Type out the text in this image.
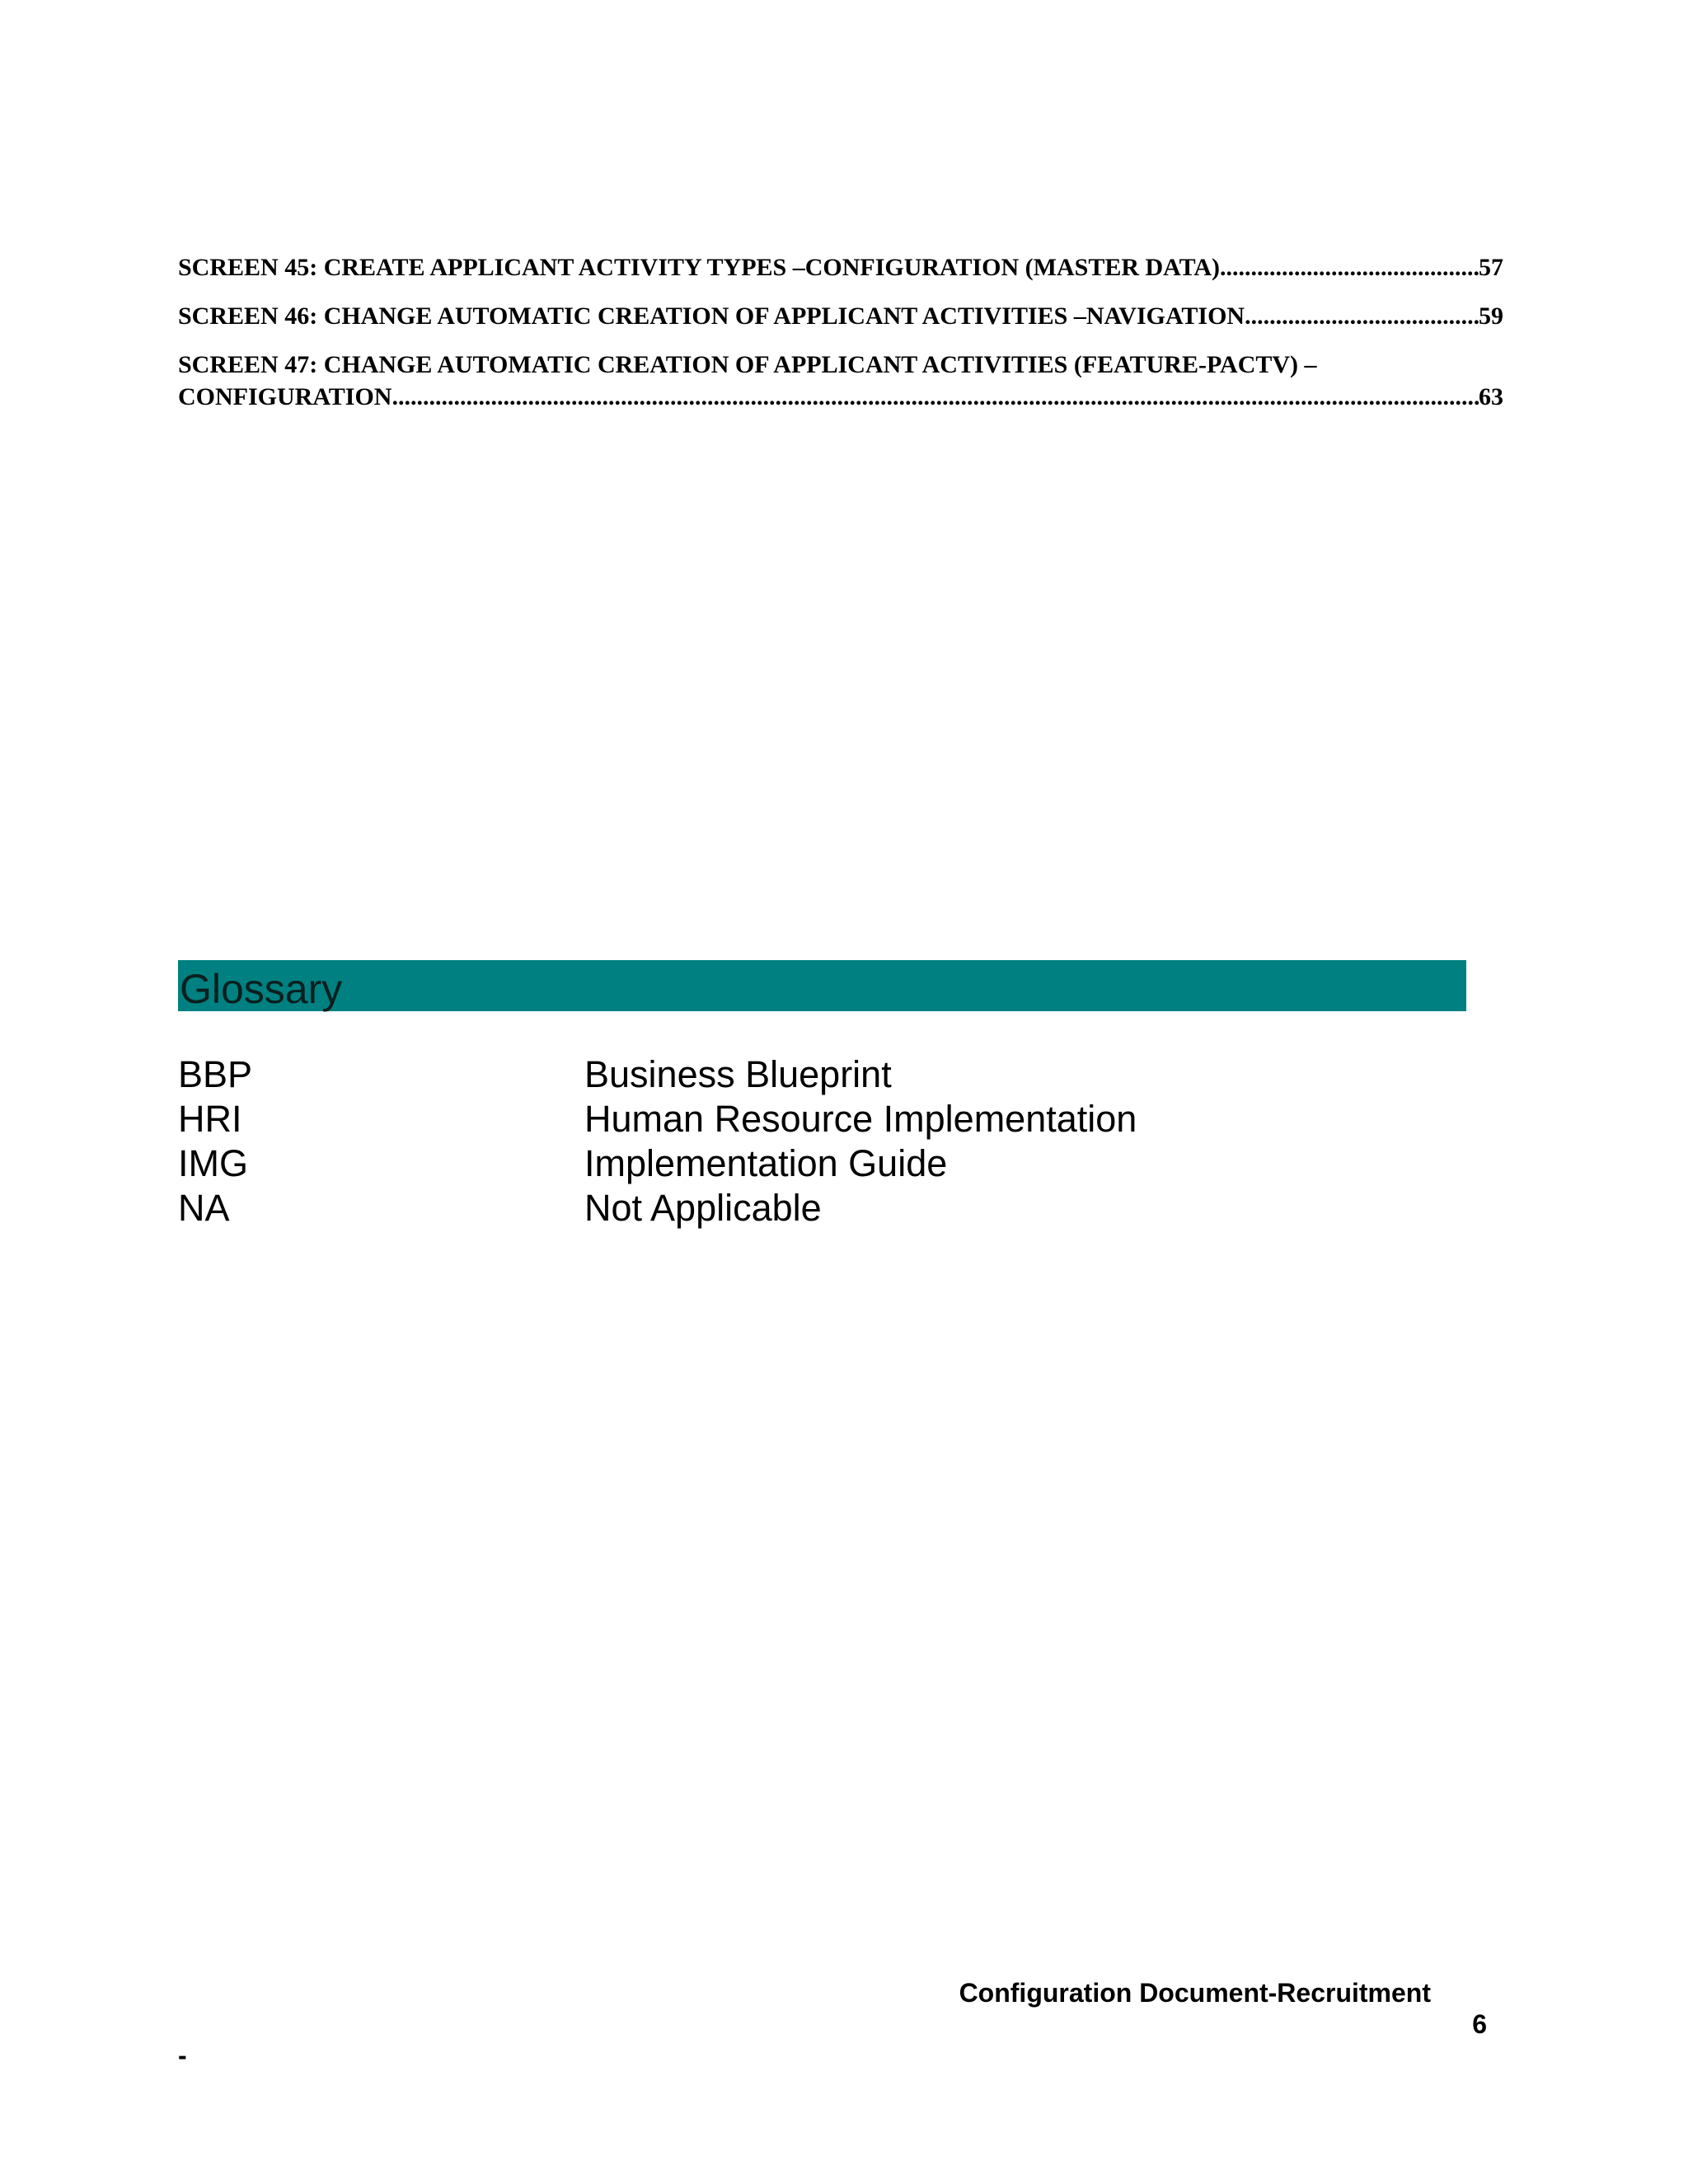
SCREEN 45: CREATE APPLICANT ACTIVITY TYPES –CONFIGURATION (MASTER DATA) .....	57
SCREEN 46: CHANGE AUTOMATIC CREATION OF APPLICANT ACTIVITIES –NAVIGATION .....	59
SCREEN 47: CHANGE AUTOMATIC CREATION OF APPLICANT ACTIVITIES (FEATURE-PACTV) –
CONFIGURATION .....	63
Glossary
BBP	Business Blueprint
HRI	Human Resource Implementation
IMG	Implementation Guide
NA	Not Applicable
Configuration Document-Recruitment
6
-
